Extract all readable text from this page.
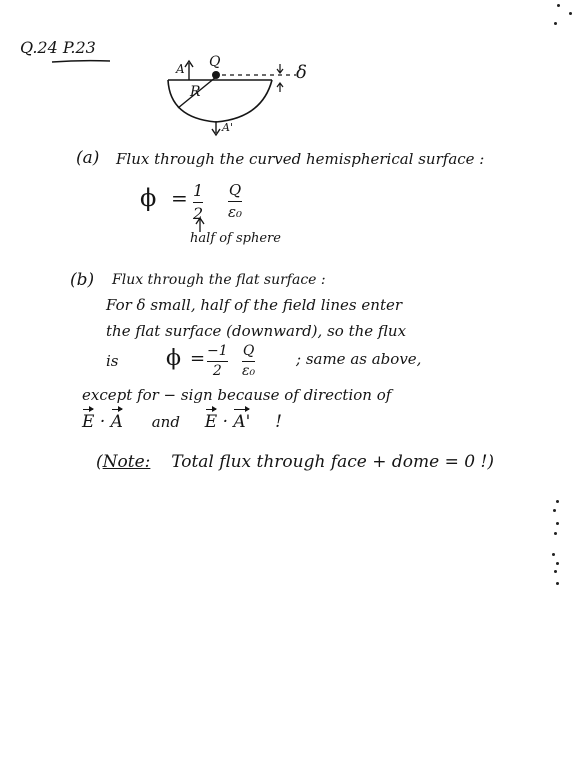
Q.24 P.23
A Q
R
δ
A'
(a) Flux through the curved hemispherical surface :
ϕ = 1
2
Q
ε₀
half of sphere
(b) Flux through the flat surface :
For δ small, half of the field lines enter
the flat surface (downward), so the flux
is ϕ = −1
2
Q
ε₀
; same as above,
except for − sign because of direction of
E · A and E · A' !
(Note: Total flux through face + dome = 0 !)
